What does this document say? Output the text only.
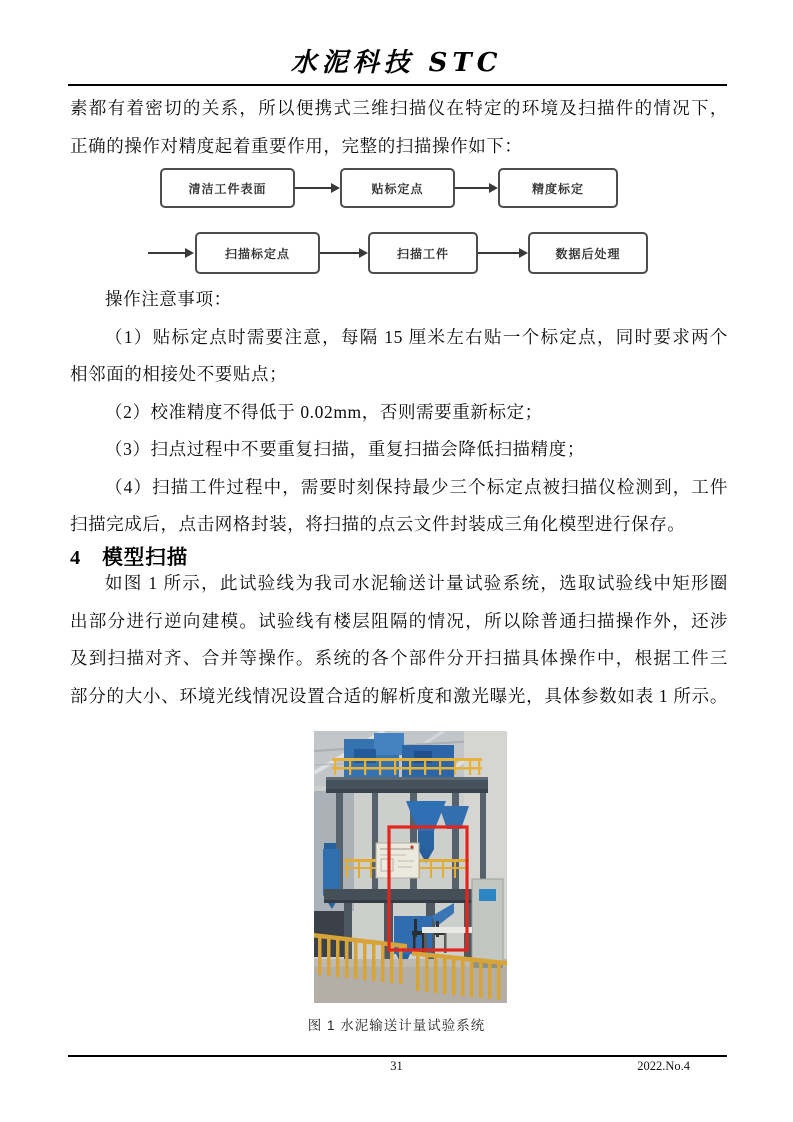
水泥科技 STC
素都有着密切的关系，所以便携式三维扫描仪在特定的环境及扫描件的情况下，
正确的操作对精度起着重要作用，完整的扫描操作如下：
清洁工件表面	贴标定点	精度标定
扫描标定点	扫描工件	数据后处理
操作注意事项：
（1）贴标定点时需要注意，每隔 15 厘米左右贴一个标定点，同时要求两个
相邻面的相接处不要贴点；
（2）校准精度不得低于 0.02mm，否则需要重新标定；
（3）扫点过程中不要重复扫描，重复扫描会降低扫描精度；
（4）扫描工件过程中，需要时刻保持最少三个标定点被扫描仪检测到，工件
扫描完成后，点击网格封装，将扫描的点云文件封装成三角化模型进行保存。
4 模型扫描
如图 1 所示，此试验线为我司水泥输送计量试验系统，选取试验线中矩形圈
出部分进行逆向建模。试验线有楼层阻隔的情况，所以除普通扫描操作外，还涉
及到扫描对齐、合并等操作。系统的各个部件分开扫描具体操作中，根据工件三
部分的大小、环境光线情况设置合适的解析度和激光曝光，具体参数如表 1 所示。
图 1 水泥输送计量试验系统
31	2022.No.4
